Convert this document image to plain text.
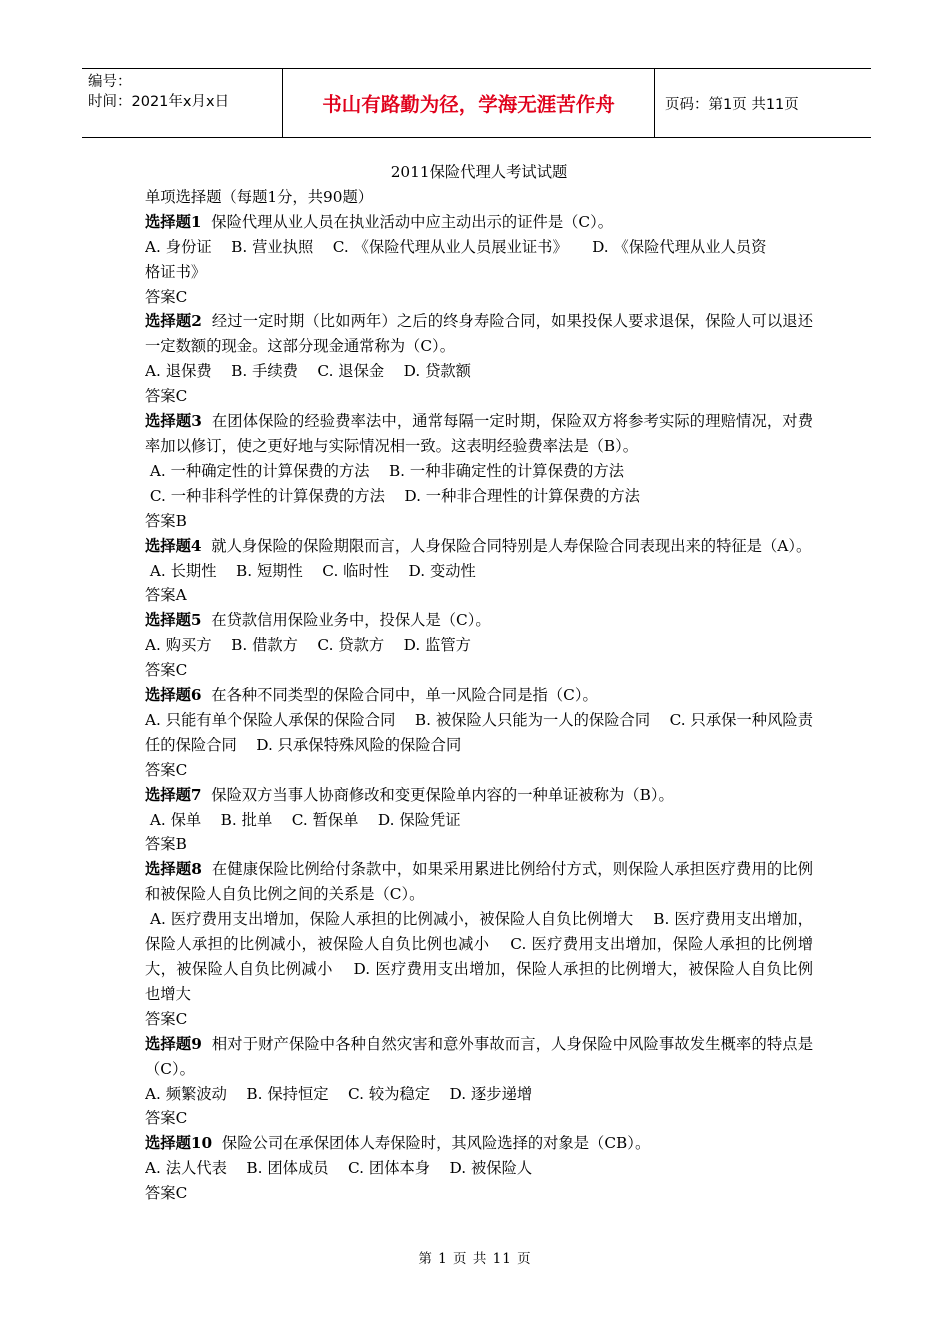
编号：
时间：2021年x月x日	书山有路勤为径，学海无涯苦作舟	页码：第1页 共11页
2011保险代理人考试试题
单项选择题（每题1分，共90题）
选择题1 保险代理从业人员在执业活动中应主动出示的证件是（C）。
A. 身份证    B. 营业执照    C. 《保险代理从业人员展业证书》     D. 《保险代理从业人员资
格证书》
答案C
选择题2 经过一定时期（比如两年）之后的终身寿险合同，如果投保人要求退保，保险人可以退还一定数额的现金。这部分现金通常称为（C）。
A. 退保费    B. 手续费    C. 退保金    D. 贷款额
答案C
选择题3 在团体保险的经验费率法中，通常每隔一定时期，保险双方将参考实际的理赔情况，对费率加以修订，使之更好地与实际情况相一致。这表明经验费率法是（B）。
A. 一种确定性的计算保费的方法    B. 一种非确定性的计算保费的方法
C. 一种非科学性的计算保费的方法    D. 一种非合理性的计算保费的方法
答案B
选择题4 就人身保险的保险期限而言，人身保险合同特别是人寿保险合同表现出来的特征是（A）。
A. 长期性    B. 短期性    C. 临时性    D. 变动性
答案A
选择题5 在贷款信用保险业务中，投保人是（C）。
A. 购买方    B. 借款方    C. 贷款方    D. 监管方
答案C
选择题6 在各种不同类型的保险合同中，单一风险合同是指（C）。
A. 只能有单个保险人承保的保险合同    B. 被保险人只能为一人的保险合同    C. 只承保一种风险责任的保险合同    D. 只承保特殊风险的保险合同
答案C
选择题7 保险双方当事人协商修改和变更保险单内容的一种单证被称为（B）。
A. 保单    B. 批单    C. 暂保单    D. 保险凭证
答案B
选择题8 在健康保险比例给付条款中，如果采用累进比例给付方式，则保险人承担医疗费用的比例和被保险人自负比例之间的关系是（C）。
A. 医疗费用支出增加，保险人承担的比例减小，被保险人自负比例增大    B. 医疗费用支出增加，保险人承担的比例减小，被保险人自负比例也减小    C. 医疗费用支出增加，保险人承担的比例增大，被保险人自负比例减小    D. 医疗费用支出增加，保险人承担的比例增大，被保险人自负比例也增大
答案C
选择题9 相对于财产保险中各种自然灾害和意外事故而言，人身保险中风险事故发生概率的特点是（C）。
A. 频繁波动    B. 保持恒定    C. 较为稳定    D. 逐步递增
答案C
选择题10 保险公司在承保团体人寿保险时，其风险选择的对象是（CB）。
A. 法人代表    B. 团体成员    C. 团体本身    D. 被保险人
答案C
第 1 页 共 11 页
